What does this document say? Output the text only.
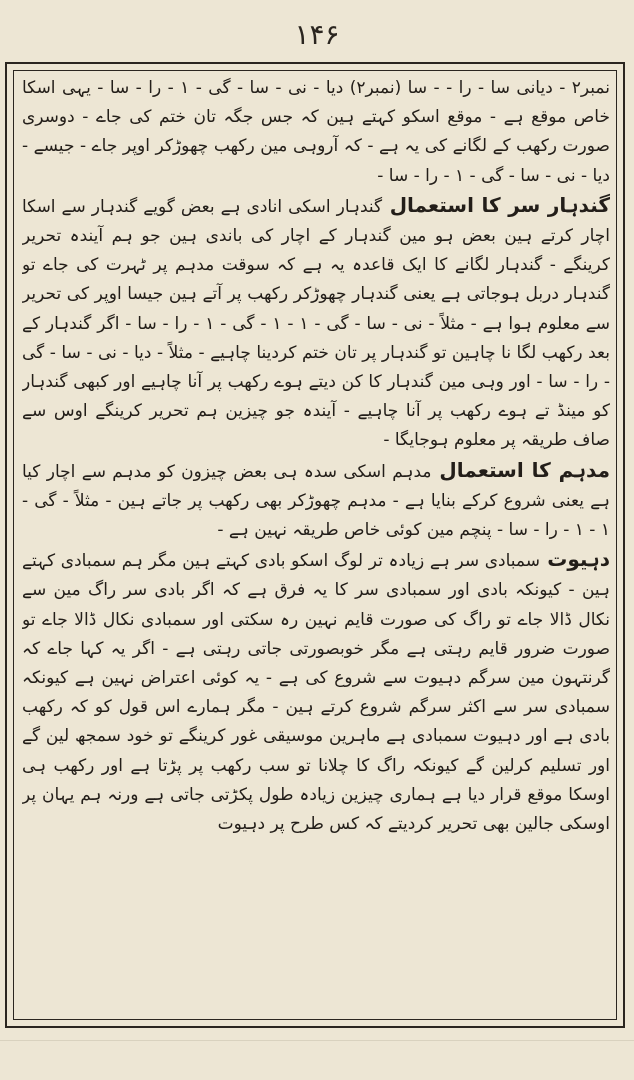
۱۴۶

نمبر۲ - دیانی سا - را - - سا (نمبر۲) دیا - نی - سا - گی - ۱ - را - سا - یہی اسکا خاص موقع ہے - موقع اسکو کہتے ہین کہ جس جگہ تان ختم کی جاے - دوسری صورت رکھب کے لگانے کی یہ ہے - کہ آروہی مین رکھب چھوڑکر اوپر جاے - جیسے - دیا - نی - سا - گی - ۱ - را - سا -

گندہار سر کا استعمال گندہار اسکی انادی ہے بعض گویے گندہار سے اسکا اچار کرتے ہین بعض ہو مین گندہار کے اچار کی باندی ہین جو ہم آیندہ تحریر کرینگے - گندہار لگانے کا ایک قاعدہ یہ ہے کہ سوقت مدہم پر ٹہرت کی جاے تو گندہار دربل ہوجاتی ہے یعنی گندہار چھوڑکر رکھب پر آتے ہین جیسا اوپر کی تحریر سے معلوم ہوا ہے - مثلاً - نی - سا - گی - ۱ - ۱ - گی - ۱ - را - سا - اگر گندہار کے بعد رکھب لگا نا چاہین تو گندہار پر تان ختم کردینا چاہیے - مثلاً - دیا - نی - سا - گی - را - سا - اور وہی مین گندہار کا کن دیتے ہوے رکھب پر آنا چاہیے اور کبھی گندہار کو مینڈ تے ہوے رکھب پر آنا چاہیے - آیندہ جو چیزین ہم تحریر کرینگے اوس سے صاف طریقہ پر معلوم ہوجایگا -

مدہم کا استعمال مدہم اسکی سدہ ہی بعض چیزون کو مدہم سے اچار کیا ہے یعنی شروع کرکے بنایا ہے - مدہم چھوڑکر بھی رکھب پر جاتے ہین - مثلاً - گی - ۱ - ۱ - را - سا - پنچم مین کوئی خاص طریقہ نہین ہے -

دہیوت سمبادی سر ہے زیادہ تر لوگ اسکو بادی کہتے ہین مگر ہم سمبادی کہتے ہین - کیونکہ بادی اور سمبادی سر کا یہ فرق ہے کہ اگر بادی سر راگ مین سے نکال ڈالا جاے تو راگ کی صورت قایم نہین رہ سکتی اور سمبادی نکال ڈالا جاے تو صورت ضرور قایم رہتی ہے مگر خوبصورتی جاتی رہتی ہے - اگر یہ کہا جاے کہ گرنتہون مین سرگم دہیوت سے شروع کی ہے - یہ کوئی اعتراض نہین ہے کیونکہ سمبادی سر سے اکثر سرگم شروع کرتے ہین - مگر ہمارے اس قول کو کہ رکھب بادی ہے اور دہیوت سمبادی ہے ماہرین موسیقی غور کرینگے تو خود سمجھ لین گے اور تسلیم کرلین گے کیونکہ راگ کا چلانا تو سب رکھب پر پڑتا ہے اور رکھب ہی اوسکا موقع قرار دیا ہے ہماری چیزین زیادہ طول پکڑتی جاتی ہے ورنہ ہم یہان پر اوسکی جالین بھی تحریر کردیتے کہ کس طرح پر دہیوت
